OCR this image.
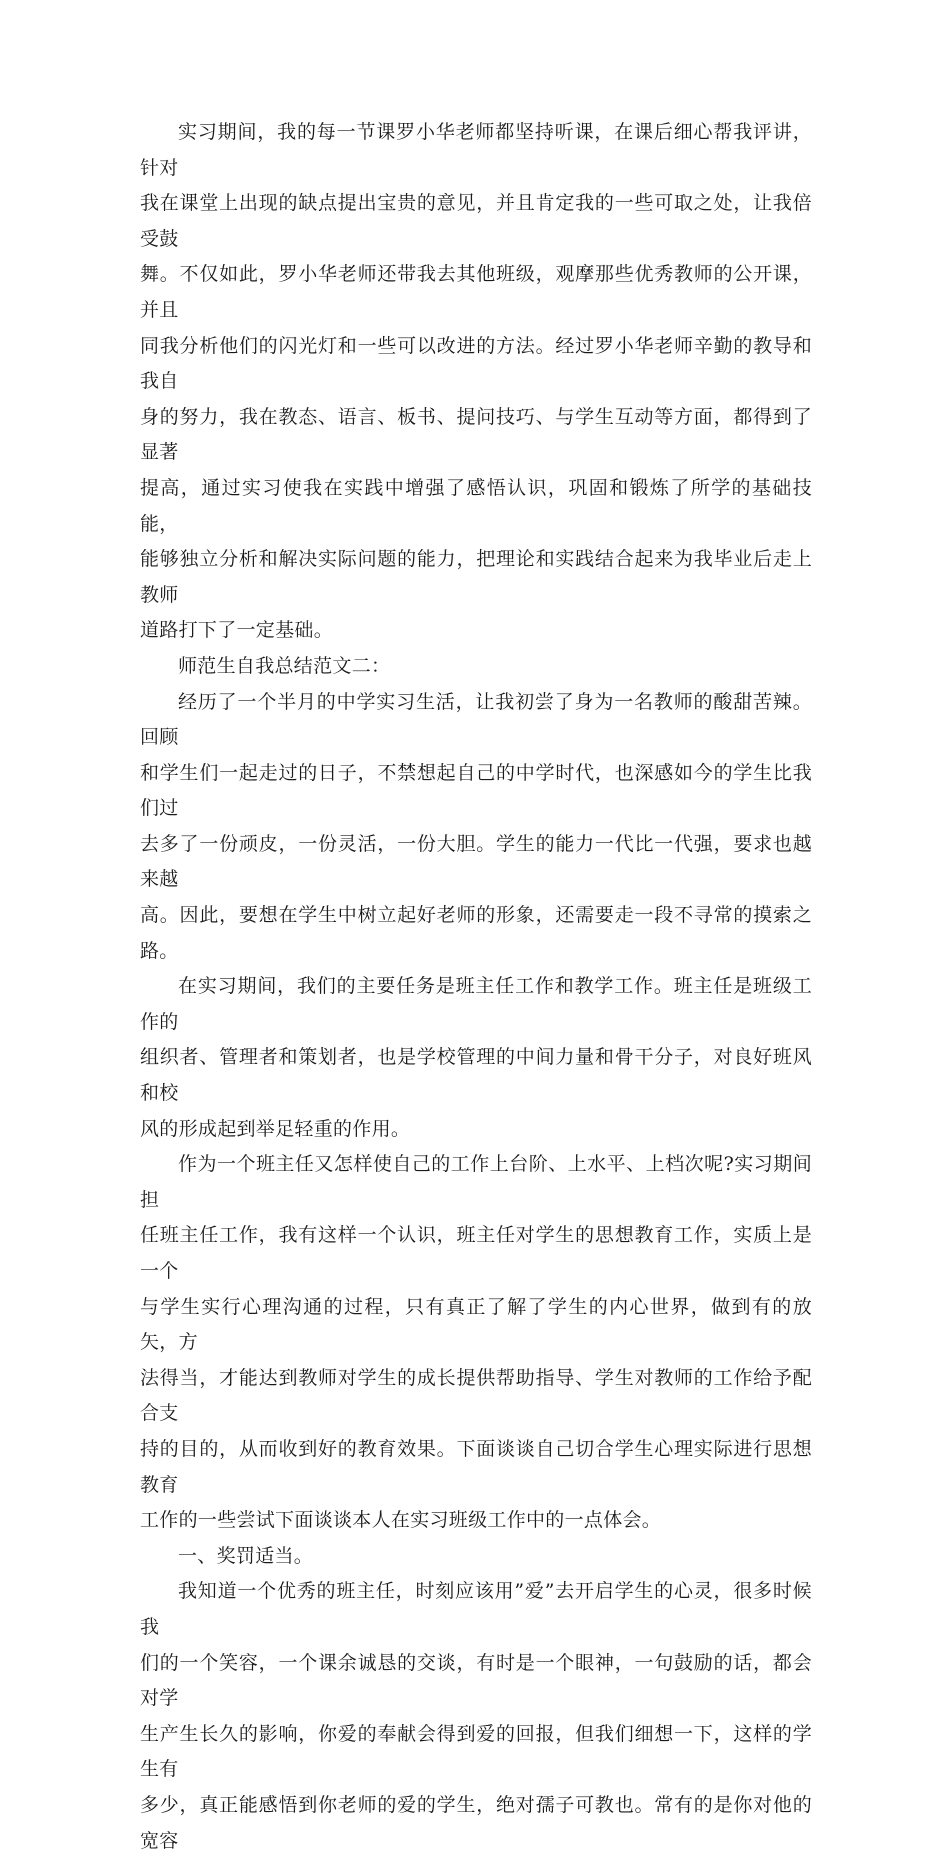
实习期间，我的每一节课罗小华老师都坚持听课，在课后细心帮我评讲，针对
我在课堂上出现的缺点提出宝贵的意见，并且肯定我的一些可取之处，让我倍受鼓
舞。不仅如此，罗小华老师还带我去其他班级，观摩那些优秀教师的公开课，并且
同我分析他们的闪光灯和一些可以改进的方法。经过罗小华老师辛勤的教导和我自
身的努力，我在教态、语言、板书、提问技巧、与学生互动等方面，都得到了显著
提高，通过实习使我在实践中增强了感悟认识，巩固和锻炼了所学的基础技能，
能够独立分析和解决实际问题的能力，把理论和实践结合起来为我毕业后走上教师
道路打下了一定基础。
师范生自我总结范文二：
经历了一个半月的中学实习生活，让我初尝了身为一名教师的酸甜苦辣。回顾
和学生们一起走过的日子，不禁想起自己的中学时代，也深感如今的学生比我们过
去多了一份顽皮，一份灵活，一份大胆。学生的能力一代比一代强，要求也越来越
高。因此，要想在学生中树立起好老师的形象，还需要走一段不寻常的摸索之路。
在实习期间，我们的主要任务是班主任工作和教学工作。班主任是班级工作的
组织者、管理者和策划者，也是学校管理的中间力量和骨干分子，对良好班风和校
风的形成起到举足轻重的作用。
作为一个班主任又怎样使自己的工作上台阶、上水平、上档次呢?实习期间担
任班主任工作，我有这样一个认识，班主任对学生的思想教育工作，实质上是一个
与学生实行心理沟通的过程，只有真正了解了学生的内心世界，做到有的放矢，方
法得当，才能达到教师对学生的成长提供帮助指导、学生对教师的工作给予配合支
持的目的，从而收到好的教育效果。下面谈谈自己切合学生心理实际进行思想教育
工作的一些尝试下面谈谈本人在实习班级工作中的一点体会。
一、奖罚适当。
我知道一个优秀的班主任，时刻应该用”爱”去开启学生的心灵，很多时候我
们的一个笑容，一个课余诚恳的交谈，有时是一个眼神，一句鼓励的话，都会对学
生产生长久的影响，你爱的奉献会得到爱的回报，但我们细想一下，这样的学生有
多少，真正能感悟到你老师的爱的学生，绝对孺子可教也。常有的是你对他的宽容
